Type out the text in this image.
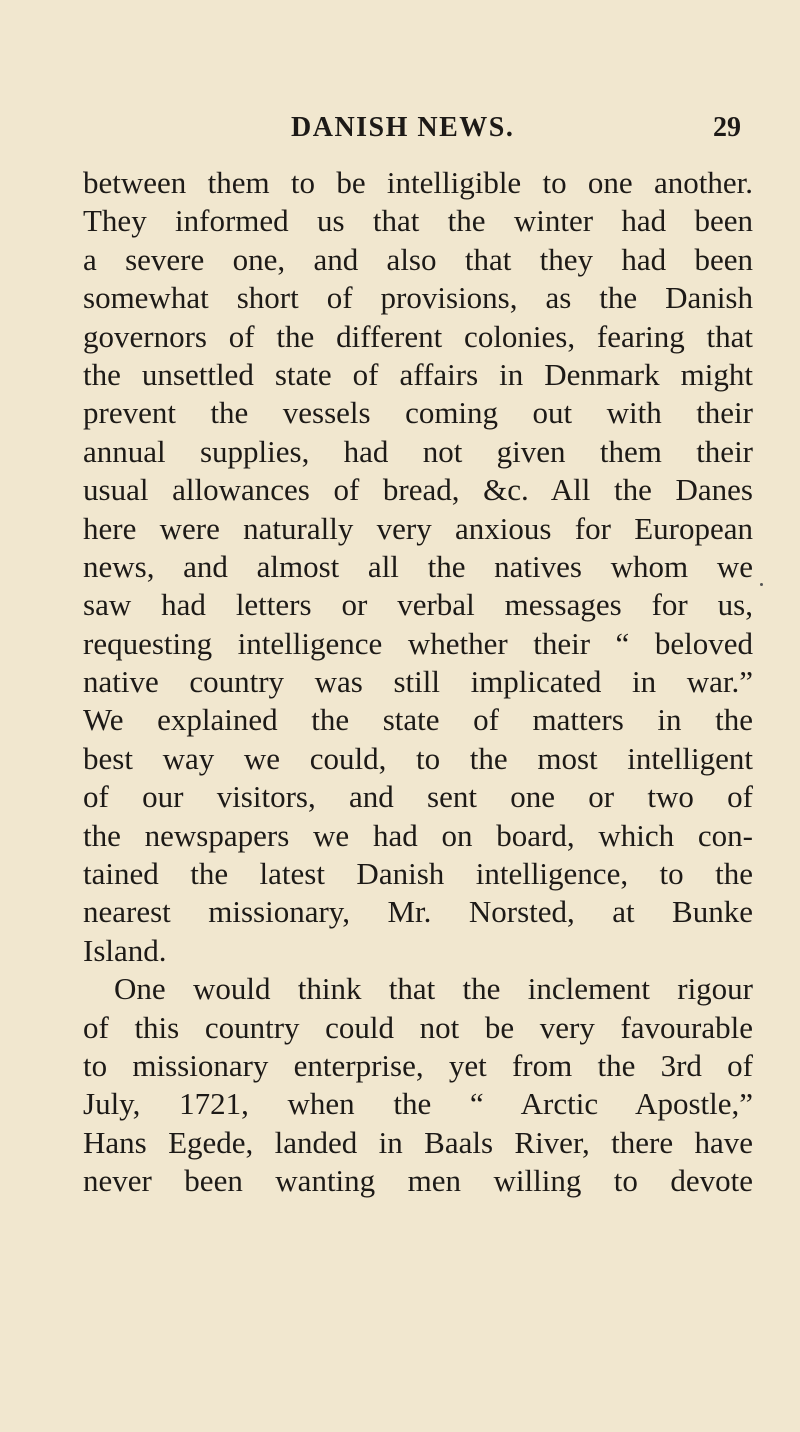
DANISH NEWS.	29
between them to be intelligible to one another.
They informed us that the winter had been
a severe one, and also that they had been
somewhat short of provisions, as the Danish
governors of the different colonies, fearing that
the unsettled state of affairs in Denmark might
prevent the vessels coming out with their
annual supplies, had not given them their
usual allowances of bread, &c. All the Danes
here were naturally very anxious for European
news, and almost all the natives whom we
saw had letters or verbal messages for us,
requesting intelligence whether their “ beloved
native country was still implicated in war.”
We explained the state of matters in the
best way we could, to the most intelligent
of our visitors, and sent one or two of
the newspapers we had on board, which con-
tained the latest Danish intelligence, to the
nearest missionary, Mr. Norsted, at Bunke
Island.
One would think that the inclement rigour
of this country could not be very favourable
to missionary enterprise, yet from the 3rd of
July, 1721, when the “ Arctic Apostle,”
Hans Egede, landed in Baals River, there have
never been wanting men willing to devote
